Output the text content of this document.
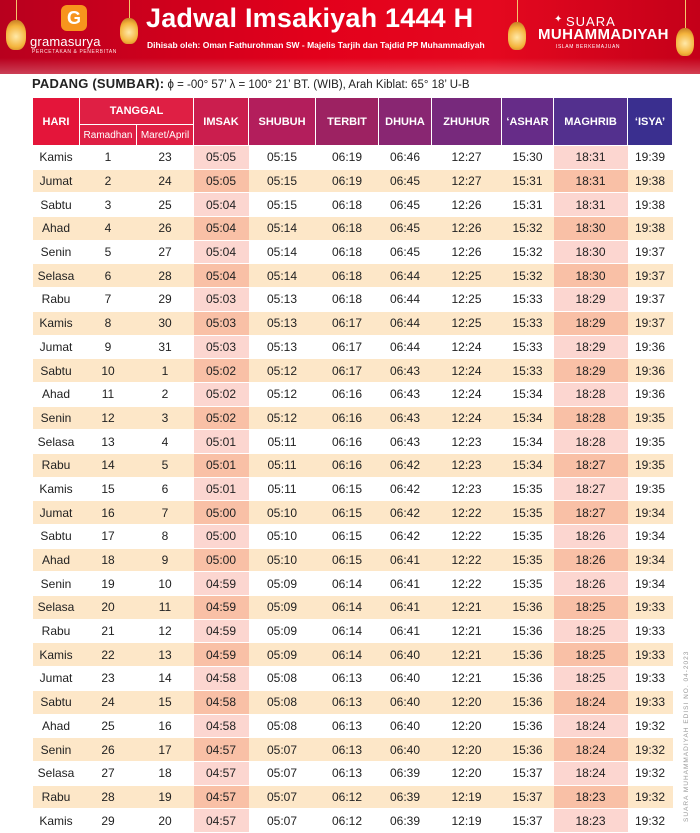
G
gramasurya
PERCETAKAN & PENERBITAN
Jadwal Imsakiyah 1444 H
Dihisab oleh: Oman Fathurohman SW - Majelis Tarjih dan Tajdid PP Muhammadiyah
✦ SUARA
MUHAMMADIYAH
ISLAM BERKEMAJUAN
PADANG (SUMBAR): ϕ = -00° 57’ λ = 100° 21’ BT. (WIB), Arah Kiblat: 65° 18’ U-B
HARI	TANGGAL		IMSAK	SHUBUH	TERBIT	DHUHA	ZHUHUR	‘ASHAR	MAGHRIB	‘ISYA’
	Ramadhan	Maret/April								
Kamis	1	23	05:05	05:15	06:19	06:46	12:27	15:30	18:31	19:39
Jumat	2	24	05:05	05:15	06:19	06:45	12:27	15:31	18:31	19:38
Sabtu	3	25	05:04	05:15	06:18	06:45	12:26	15:31	18:31	19:38
Ahad	4	26	05:04	05:14	06:18	06:45	12:26	15:32	18:30	19:38
Senin	5	27	05:04	05:14	06:18	06:45	12:26	15:32	18:30	19:37
Selasa	6	28	05:04	05:14	06:18	06:44	12:25	15:32	18:30	19:37
Rabu	7	29	05:03	05:13	06:18	06:44	12:25	15:33	18:29	19:37
Kamis	8	30	05:03	05:13	06:17	06:44	12:25	15:33	18:29	19:37
Jumat	9	31	05:03	05:13	06:17	06:44	12:24	15:33	18:29	19:36
Sabtu	10	1	05:02	05:12	06:17	06:43	12:24	15:33	18:29	19:36
Ahad	11	2	05:02	05:12	06:16	06:43	12:24	15:34	18:28	19:36
Senin	12	3	05:02	05:12	06:16	06:43	12:24	15:34	18:28	19:35
Selasa	13	4	05:01	05:11	06:16	06:43	12:23	15:34	18:28	19:35
Rabu	14	5	05:01	05:11	06:16	06:42	12:23	15:34	18:27	19:35
Kamis	15	6	05:01	05:11	06:15	06:42	12:23	15:35	18:27	19:35
Jumat	16	7	05:00	05:10	06:15	06:42	12:22	15:35	18:27	19:34
Sabtu	17	8	05:00	05:10	06:15	06:42	12:22	15:35	18:26	19:34
Ahad	18	9	05:00	05:10	06:15	06:41	12:22	15:35	18:26	19:34
Senin	19	10	04:59	05:09	06:14	06:41	12:22	15:35	18:26	19:34
Selasa	20	11	04:59	05:09	06:14	06:41	12:21	15:36	18:25	19:33
Rabu	21	12	04:59	05:09	06:14	06:41	12:21	15:36	18:25	19:33
Kamis	22	13	04:59	05:09	06:14	06:40	12:21	15:36	18:25	19:33
Jumat	23	14	04:58	05:08	06:13	06:40	12:21	15:36	18:25	19:33
Sabtu	24	15	04:58	05:08	06:13	06:40	12:20	15:36	18:24	19:33
Ahad	25	16	04:58	05:08	06:13	06:40	12:20	15:36	18:24	19:32
Senin	26	17	04:57	05:07	06:13	06:40	12:20	15:36	18:24	19:32
Selasa	27	18	04:57	05:07	06:13	06:39	12:20	15:37	18:24	19:32
Rabu	28	19	04:57	05:07	06:12	06:39	12:19	15:37	18:23	19:32
Kamis	29	20	04:57	05:07	06:12	06:39	12:19	15:37	18:23	19:32	SUARA MUHAMMADIYAH EDISI NO. 04-2023
